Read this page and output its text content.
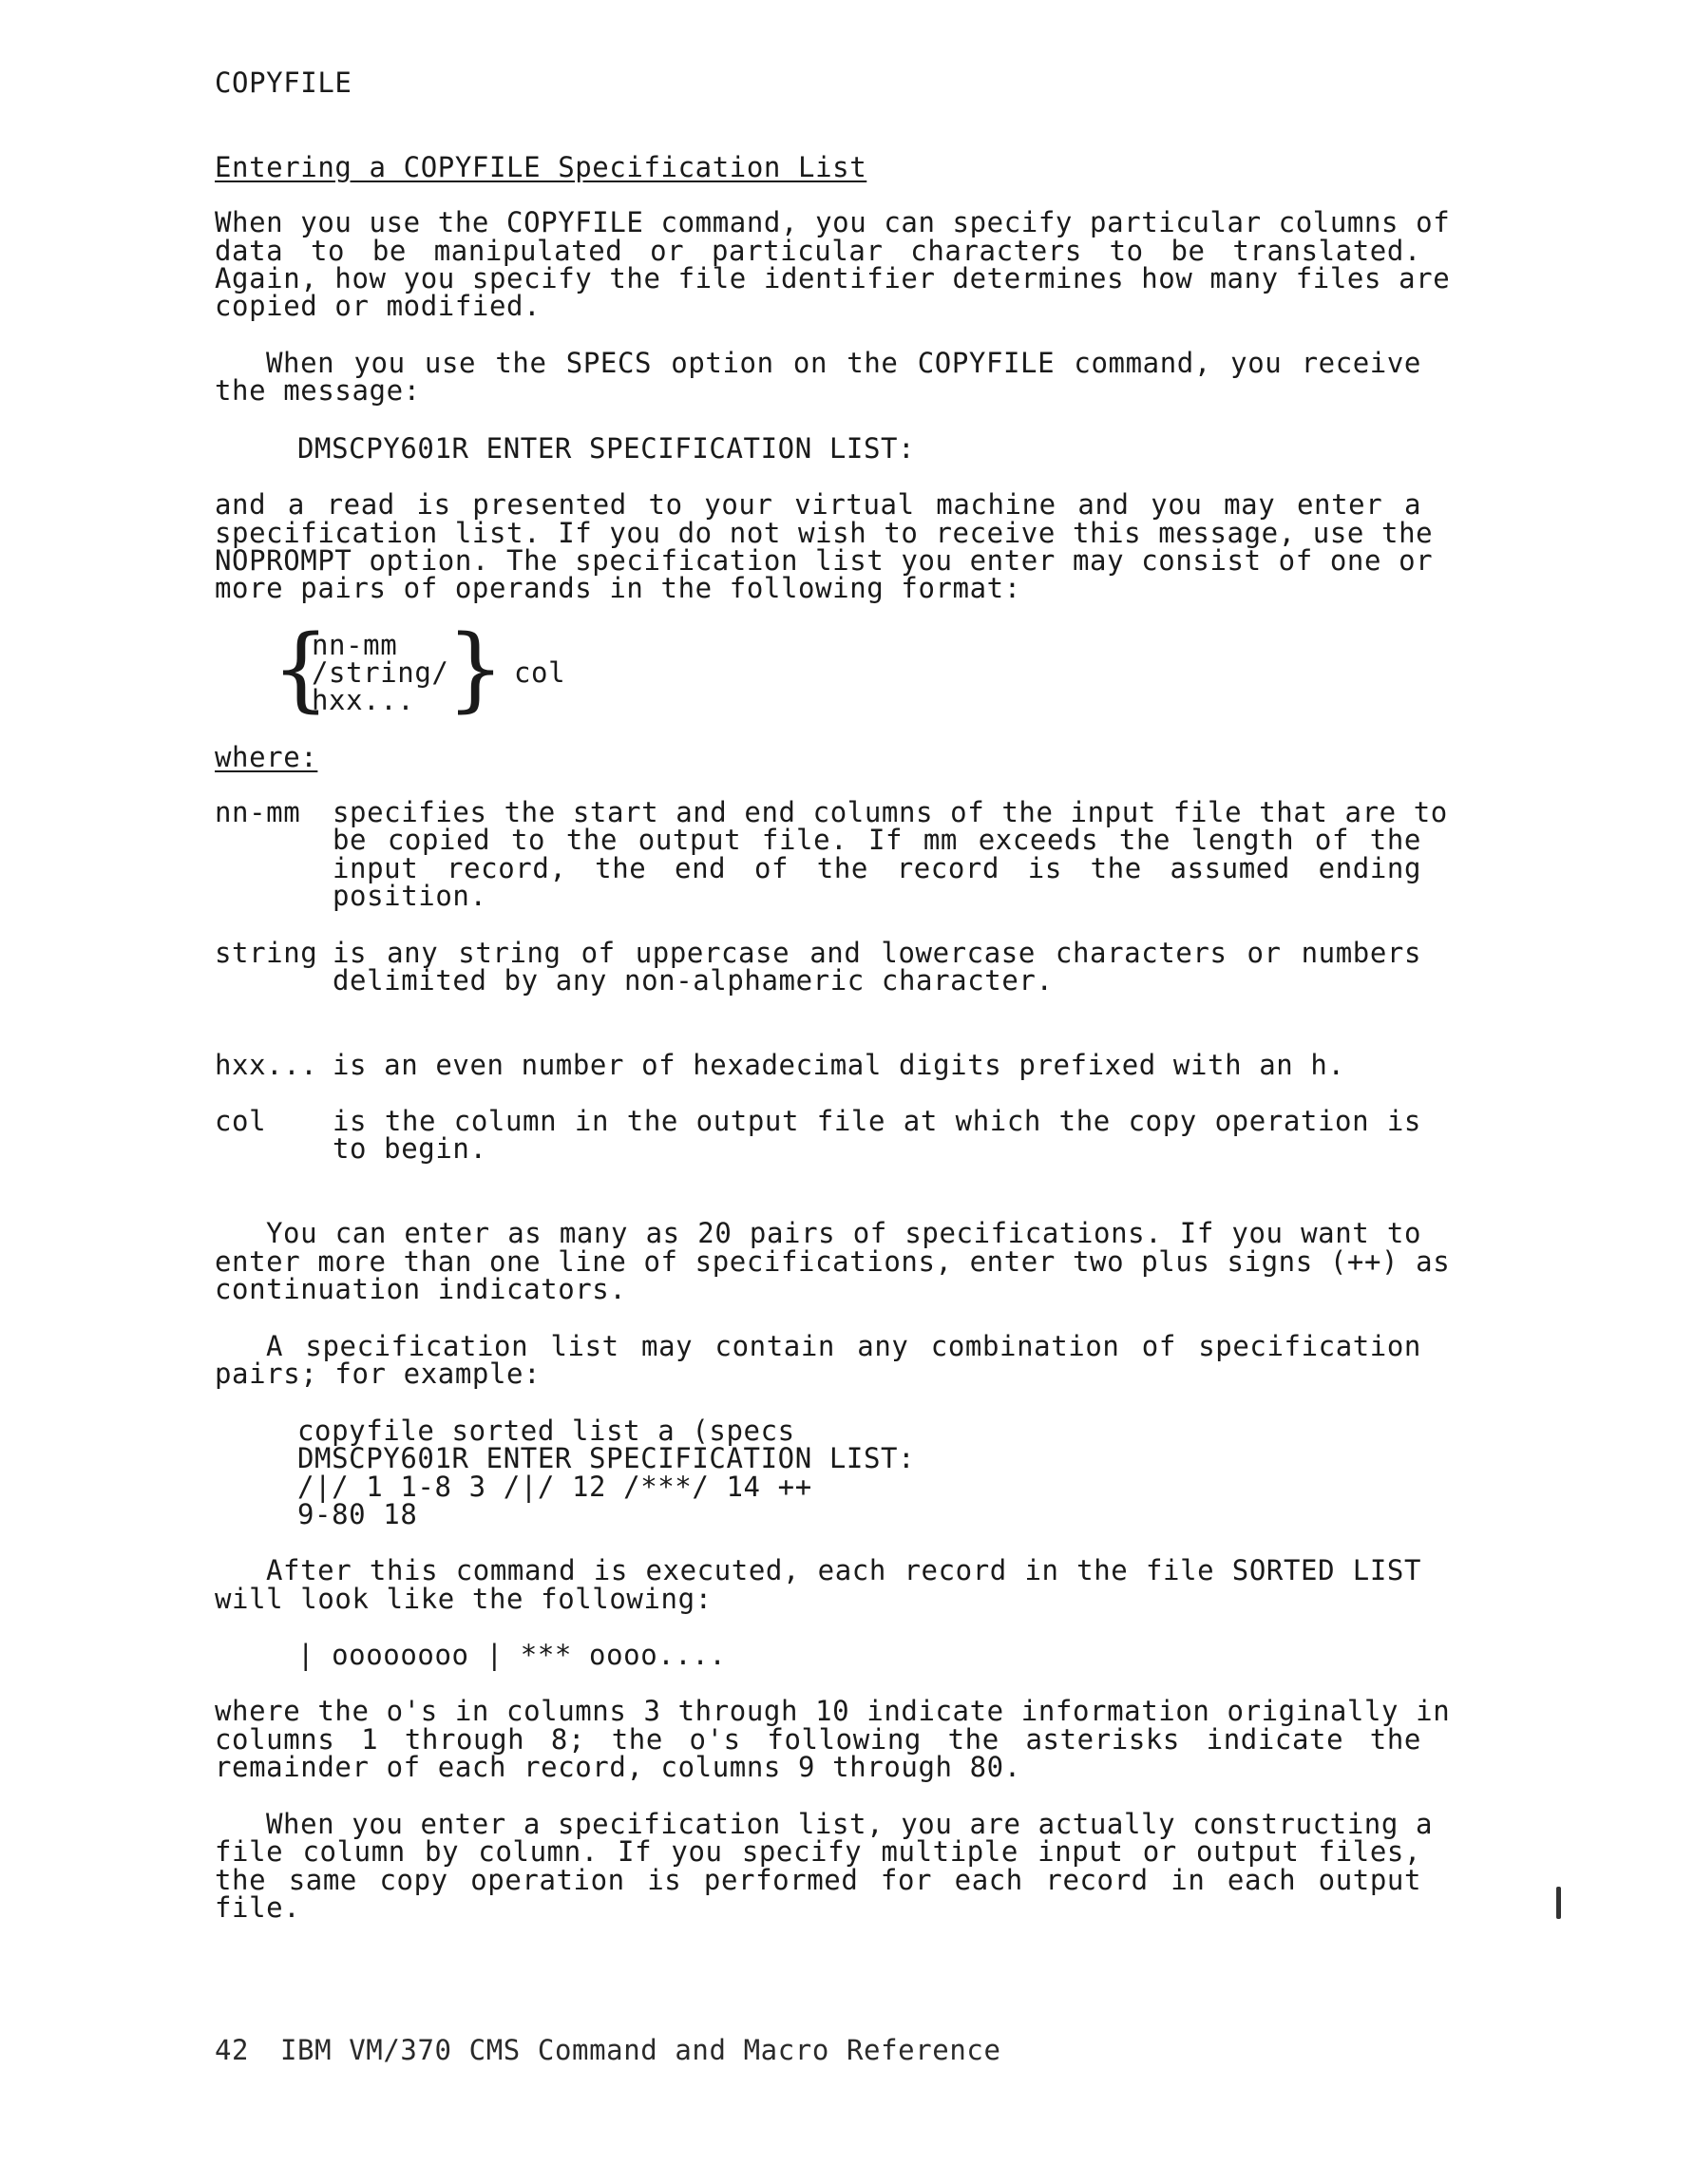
COPYFILE
Entering a COPYFILE Specification List
When you use the COPYFILE command, you can specify particular columns of
data to be manipulated or particular characters to be translated.
Again, how you specify the file identifier determines how many files are
copied or modified.
When you use the SPECS option on the COPYFILE command, you receive
the message:
DMSCPY601R ENTER SPECIFICATION LIST:
and a read is presented to your virtual machine and you may enter a
specification list. If you do not wish to receive this message, use the
NOPROMPT option. The specification list you enter may consist of one or
more pairs of operands in the following format:
{
nn-mm
/string/
hxx... } col
where:
nn-mm specifies the start and end columns of the input file that are to
be copied to the output file. If mm exceeds the length of the
input record, the end of the record is the assumed ending
position.
string is any string of uppercase and lowercase characters or numbers
delimited by any non-alphameric character.
hxx... is an even number of hexadecimal digits prefixed with an h.
col is the column in the output file at which the copy operation is
to begin.
You can enter as many as 20 pairs of specifications. If you want to
enter more than one line of specifications, enter two plus signs (++) as
continuation indicators.
A specification list may contain any combination of specification
pairs; for example:
copyfile sorted list a (specs
DMSCPY601R ENTER SPECIFICATION LIST:
/|/ 1 1-8 3 /|/ 12 /***/ 14 ++
9-80 18
After this command is executed, each record in the file SORTED LIST
will look like the following:
| oooooooo | *** oooo....
where the o's in columns 3 through 10 indicate information originally in
columns 1 through 8; the o's following the asterisks indicate the
remainder of each record, columns 9 through 80.
When you enter a specification list, you are actually constructing a
file column by column. If you specify multiple input or output files,
the same copy operation is performed for each record in each output
file.
42 IBM VM/370 CMS Command and Macro Reference
